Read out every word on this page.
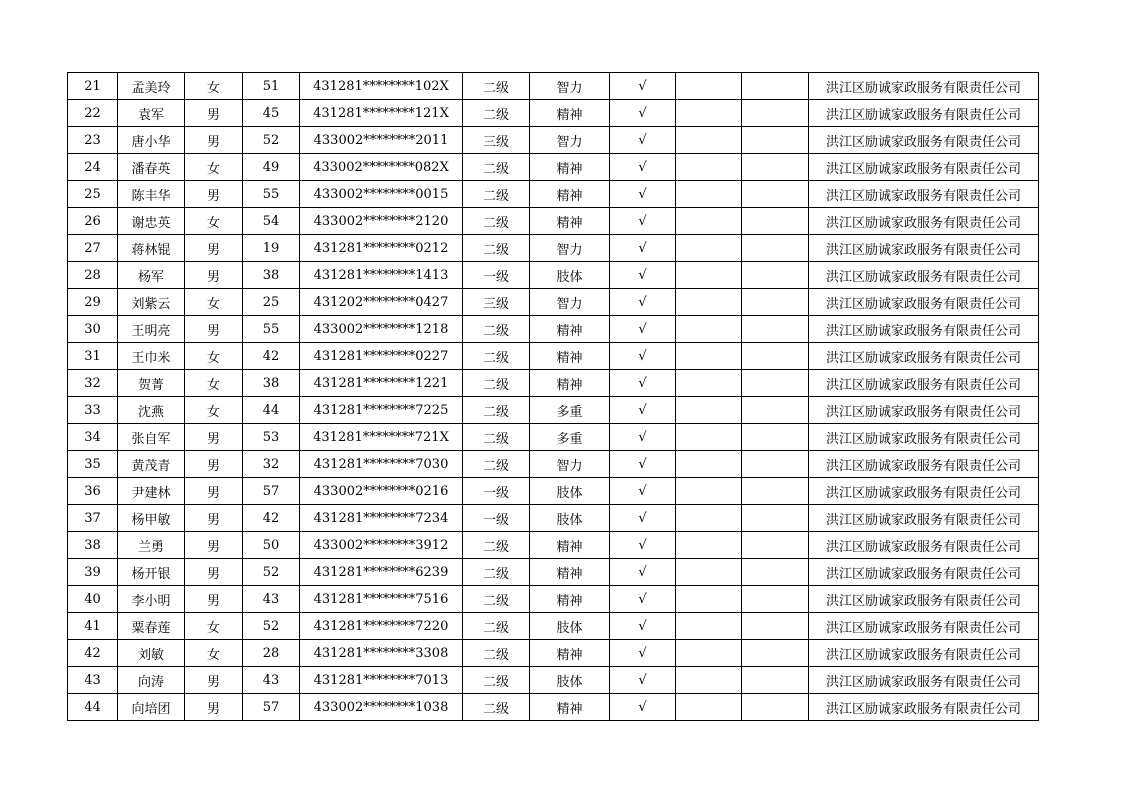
21	孟美玲	女	51	431281********102X	二级	智力	√			洪江区励诚家政服务有限责任公司
22	袁军	男	45	431281********121X	二级	精神	√			洪江区励诚家政服务有限责任公司
23	唐小华	男	52	433002********2011	三级	智力	√			洪江区励诚家政服务有限责任公司
24	潘春英	女	49	433002********082X	二级	精神	√			洪江区励诚家政服务有限责任公司
25	陈丰华	男	55	433002********0015	二级	精神	√			洪江区励诚家政服务有限责任公司
26	谢忠英	女	54	433002********2120	二级	精神	√			洪江区励诚家政服务有限责任公司
27	蒋林锟	男	19	431281********0212	二级	智力	√			洪江区励诚家政服务有限责任公司
28	杨军	男	38	431281********1413	一级	肢体	√			洪江区励诚家政服务有限责任公司
29	刘紫云	女	25	431202********0427	三级	智力	√			洪江区励诚家政服务有限责任公司
30	王明亮	男	55	433002********1218	二级	精神	√			洪江区励诚家政服务有限责任公司
31	王巾米	女	42	431281********0227	二级	精神	√			洪江区励诚家政服务有限责任公司
32	贺菁	女	38	431281********1221	二级	精神	√			洪江区励诚家政服务有限责任公司
33	沈燕	女	44	431281********7225	二级	多重	√			洪江区励诚家政服务有限责任公司
34	张自军	男	53	431281********721X	二级	多重	√			洪江区励诚家政服务有限责任公司
35	黄茂青	男	32	431281********7030	二级	智力	√			洪江区励诚家政服务有限责任公司
36	尹建林	男	57	433002********0216	一级	肢体	√			洪江区励诚家政服务有限责任公司
37	杨甲敏	男	42	431281********7234	一级	肢体	√			洪江区励诚家政服务有限责任公司
38	兰勇	男	50	433002********3912	二级	精神	√			洪江区励诚家政服务有限责任公司
39	杨开银	男	52	431281********6239	二级	精神	√			洪江区励诚家政服务有限责任公司
40	李小明	男	43	431281********7516	二级	精神	√			洪江区励诚家政服务有限责任公司
41	粟春莲	女	52	431281********7220	二级	肢体	√			洪江区励诚家政服务有限责任公司
42	刘敏	女	28	431281********3308	二级	精神	√			洪江区励诚家政服务有限责任公司
43	向涛	男	43	431281********7013	二级	肢体	√			洪江区励诚家政服务有限责任公司
44	向培团	男	57	433002********1038	二级	精神	√			洪江区励诚家政服务有限责任公司
